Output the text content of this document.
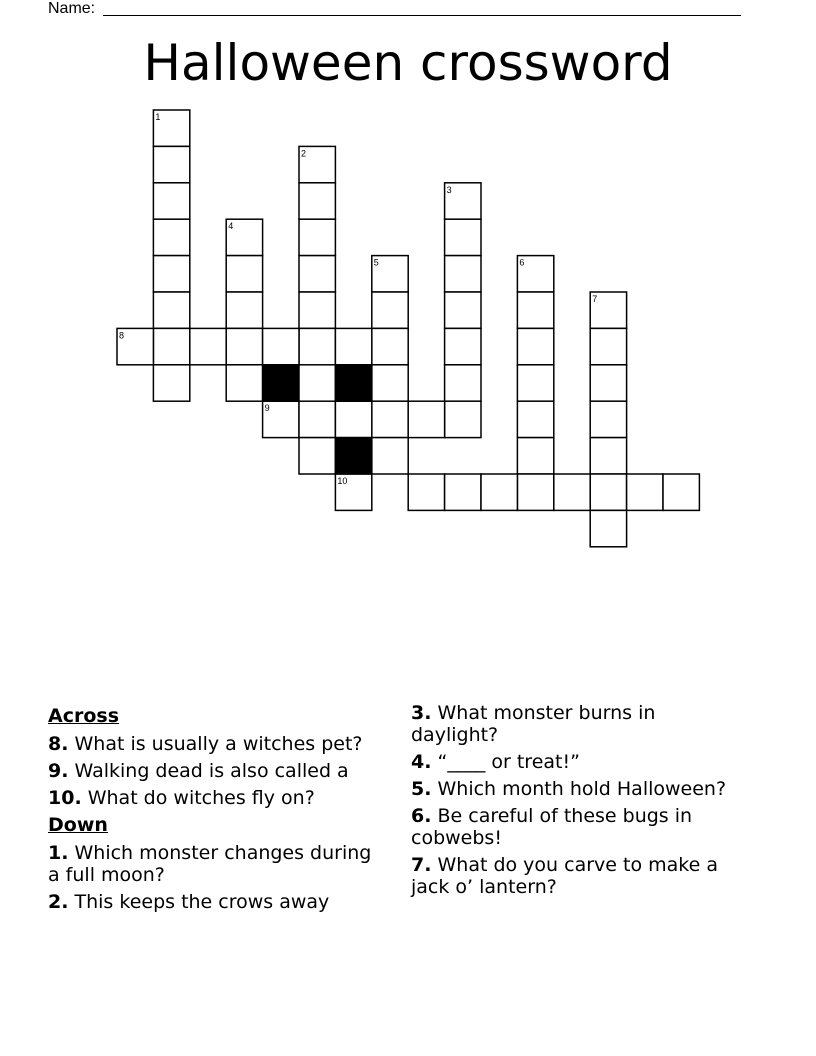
Name:
Halloween crossword
1
2
3
4
5	6
7
8
9
10
Across
8. What is usually a witches pet?
9. Walking dead is also called a
10. What do witches fly on?
Down
1. Which monster changes during a full moon?
2. This keeps the crows away
3. What monster burns in daylight?
4. “____ or treat!”
5. Which month hold Halloween?
6. Be careful of these bugs in cobwebs!
7. What do you carve to make a jack o’ lantern?
